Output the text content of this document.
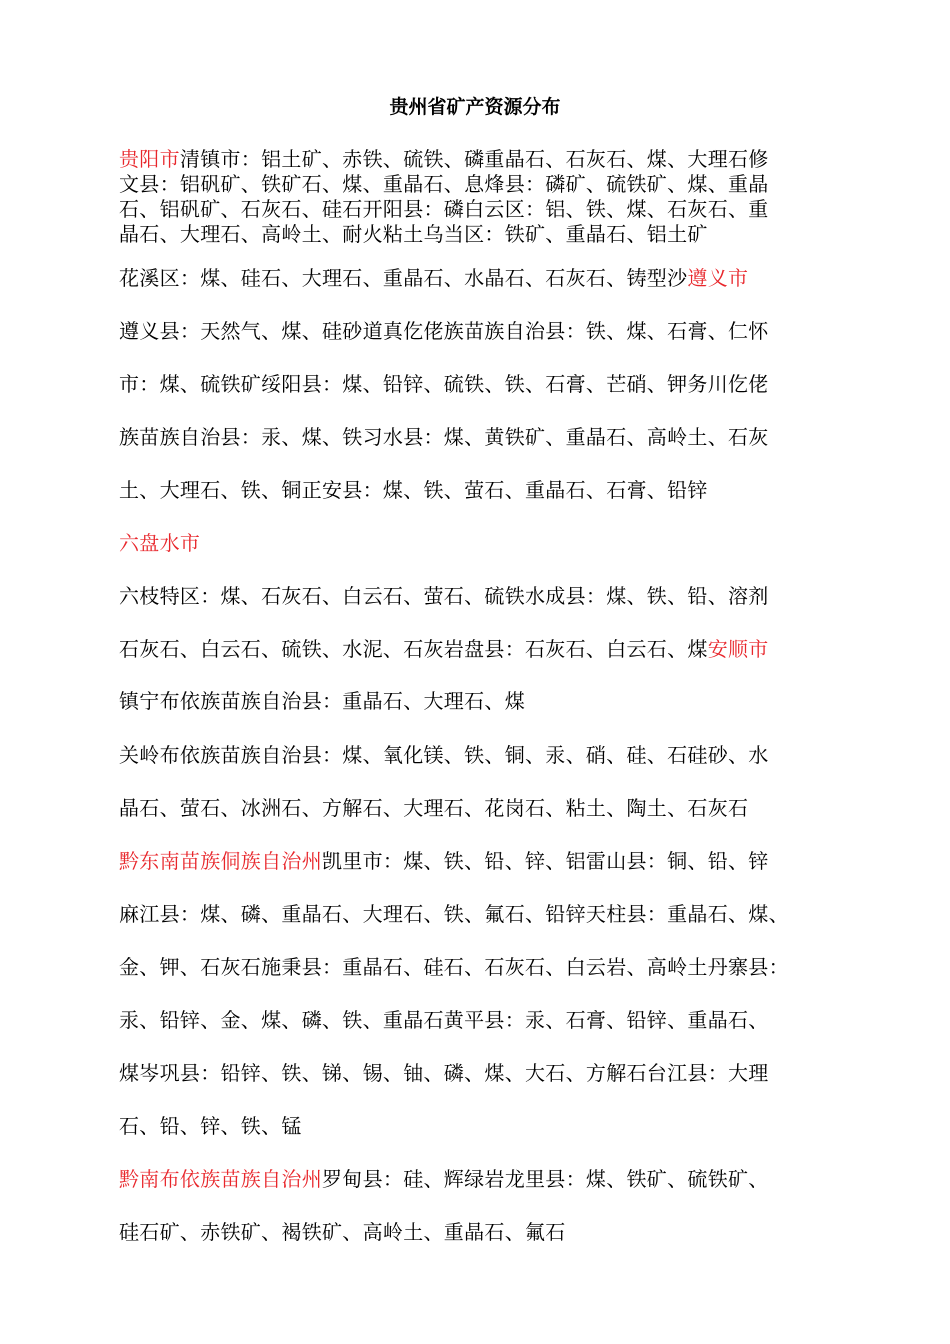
贵州省矿产资源分布
贵阳市清镇市：铝土矿、赤铁、硫铁、磷重晶石、石灰石、煤、大理石修
文县：铝矾矿、铁矿石、煤、重晶石、息烽县：磷矿、硫铁矿、煤、重晶
石、铝矾矿、石灰石、硅石开阳县：磷白云区：铝、铁、煤、石灰石、重
晶石、大理石、高岭土、耐火粘土乌当区：铁矿、重晶石、铝土矿
花溪区：煤、硅石、大理石、重晶石、水晶石、石灰石、铸型沙遵义市
遵义县：天然气、煤、硅砂道真仡佬族苗族自治县：铁、煤、石膏、仁怀
市：煤、硫铁矿绥阳县：煤、铅锌、硫铁、铁、石膏、芒硝、钾务川仡佬
族苗族自治县：汞、煤、铁习水县：煤、黄铁矿、重晶石、高岭土、石灰
土、大理石、铁、铜正安县：煤、铁、萤石、重晶石、石膏、铅锌
六盘水市
六枝特区：煤、石灰石、白云石、萤石、硫铁水成县：煤、铁、铅、溶剂
石灰石、白云石、硫铁、水泥、石灰岩盘县：石灰石、白云石、煤安顺市
镇宁布依族苗族自治县：重晶石、大理石、煤
关岭布依族苗族自治县：煤、氧化镁、铁、铜、汞、硝、硅、石硅砂、水
晶石、萤石、冰洲石、方解石、大理石、花岗石、粘土、陶土、石灰石
黔东南苗族侗族自治州凯里市：煤、铁、铅、锌、铝雷山县：铜、铅、锌
麻江县：煤、磷、重晶石、大理石、铁、氟石、铅锌天柱县：重晶石、煤、
金、钾、石灰石施秉县：重晶石、硅石、石灰石、白云岩、高岭土丹寨县：
汞、铅锌、金、煤、磷、铁、重晶石黄平县：汞、石膏、铅锌、重晶石、
煤岑巩县：铅锌、铁、锑、锡、铀、磷、煤、大石、方解石台江县：大理
石、铅、锌、铁、锰
黔南布依族苗族自治州罗甸县：硅、辉绿岩龙里县：煤、铁矿、硫铁矿、
硅石矿、赤铁矿、褐铁矿、高岭土、重晶石、氟石
